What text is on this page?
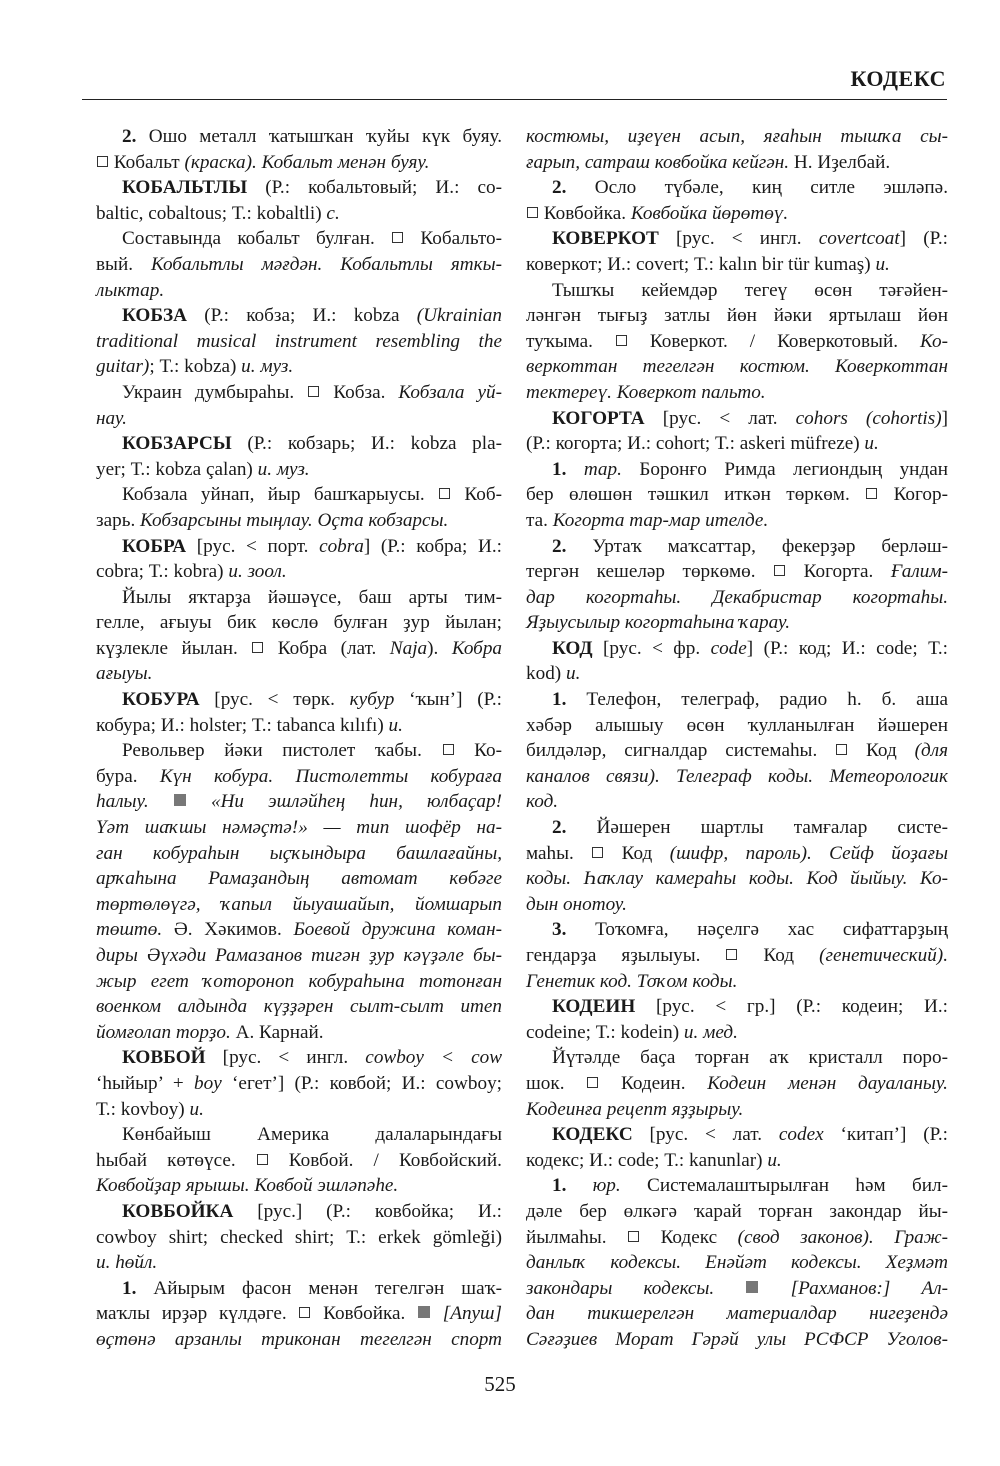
КОДЕКС
2. Ошо металл ҡатышҡан ҡуйы күк буяу.
Кобальт (краска). Кобальт менән буяу.
КОБАЛЬТЛЫ (Р.: кобальтовый; И.: co-
baltic, cobaltous; Т.: kobaltli) с.
Составында кобальт булған.  Кобальто-
вый. Кобальтлы мәғдән. Кобальтлы яткы-
лыктар.
КОБЗА (Р.: кобза; И.: kobza (Ukrainian
traditional musical instrument resembling the
guitar); Т.: kobza) и. муз.
Украин думбыраһы.  Кобза. Кобзала уй-
нау.
КОБЗАРСЫ (Р.: кобзарь; И.: kobza pla-
yer; Т.: kobza çalan) и. муз.
Кобзала уйнап, йыр башҡарыусы.  Коб-
зарь. Кобзарсыны тыңлау. Оҫта кобзарсы.
КОБРА [рус. < порт. cobra] (Р.: кобра; И.:
cobra; Т.: kobra) и. зоол.
Йылы яҡтарҙа йәшәүсе, баш арты тим-
гелле, ағыуы бик көслө булған ҙур йылан;
күҙлекле йылан.  Кобра (лат. Naja). Кобра
ағыуы.
КОБУРА [рус. < төрк. кубур ‘ҡын’] (Р.:
кобура; И.: holster; Т.: tabanca kılıfı) и.
Револьвер йәки пистолет ҡабы.  Ко-
бура. Күн кобура. Пистолетты кобураға
һалыу.	«Ни эшләйһең һин, юлбаҫар!
Үәт шаҡшы нәмәҫтә!» — тип шофёр на-
ган кобураһын ыҫҡындыра башлағайны,
арҡаһына Рамаҙандың автомат көбәге
төртөлөүгә, ҡапыл йыуашайып, йомшарып
төштө. Ә. Хәкимов. Боевой дружина коман-
диры Әүхәди Рамазанов тигән ҙур кәүҙәле бы-
жыр егет ҡотороноп кобураһына тотонған
военком алдында күҙҙәрен сылт-сылт итеп
йомғолап торҙо. А. Карнай.
КОВБОЙ [рус. < ингл. cowboy < cow
‘һыйыр’ + boy ‘егет’] (Р.: ковбой; И.: cowboy;
Т.: kovboy) и.
Көнбайыш Америка далаларындағы
һыбай көтөүсе.  Ковбой. / Ковбойский.
Ковбойҙар ярышы. Ковбой эшләпәһе.
КОВБОЙКА [рус.] (Р.: ковбойка; И.:
cowboy shirt; checked shirt; Т.: erkek gömleği)
и. һөйл.
1. Айырым фасон менән тегелгән шаҡ-
маҡлы ирҙәр күлдәге.  Ковбойка.  [Апуш]
өҫтөнә арзанлы триконан тегелгән спорт
костюмы, иҙеүен асып, яғаһын тышҡа сы-
ғарып, сатраш ковбойка кейгән. Н. Иҙелбай.
2. Осло түбәле, киң ситле эшләпә.
Ковбойка. Ковбойка йөрөтөү.
КОВЕРКОТ [рус. < ингл. covertcoat] (Р.:
коверкот; И.: covert; Т.: kalın bir tür kumaş) и.
Тышҡы кейемдәр тегеү өсөн тәғәйен-
ләнгән тығыҙ затлы йөн йәки яртылаш йөн
туҡыма.  Коверкот. / Коверкотовый. Ко-
веркоттан тегелгән костюм. Коверкоттан
тектереү. Коверкот пальто.
КОГОРТА [рус. < лат. cohors (cohortis)]
(Р.: когорта; И.: cohort; Т.: askeri müfreze) и.
1. тар. Боронғо Римда легиондың ундан
бер өлөшөн тәшкил иткән төркөм.  Когор-
та. Когорта тар-мар ителде.
2. Уртаҡ маҡсаттар, фекерҙәр берләш-
тергән кешеләр төркөмө.  Когорта. Ғалим-
дар когортаһы. Декабристар когортаһы.
Яҙыусылыр когортаһына ҡарау.
КОД [рус. < фр. code] (Р.: код; И.: code; Т.:
kod) и.
1. Телефон, телеграф, радио һ. б. аша
хәбәр алышыу өсөн ҡулланылған йәшерен
билдәләр, сигналдар системаһы.  Код (для
каналов связи). Телеграф коды. Метеорологик
код.
2. Йәшерен шартлы тамғалар систе-
маһы.  Код (шифр, пароль). Сейф йоҙағы
коды. Һаҡлау камераһы коды. Код йыйыу. Ко-
дын онотоу.
3. Тоҡомға, нәҫелгә хас сифаттарҙың
гендарҙа яҙылыуы.  Код (генетический).
Генетик код. Тоҡом коды.
КОДЕИН [рус. < гр.] (Р.: кодеин; И.:
codeine; Т.: kodein) и. мед.
Йүтәлде баҫа торған аҡ кристалл поро-
шок.  Кодеин. Кодеин менән дауаланыу.
Кодеинға рецепт яҙҙырыу.
КОДЕКС [рус. < лат. codex ‘китап’] (Р.:
кодекс; И.: code; Т.: kanunlar) и.
1. юр. Системалаштырылған һәм бил-
дәле бер өлкәгә ҡарай торған закондар йы-
йылмаһы.  Кодекс (свод законов). Граж-
данлыҡ кодексы. Енәйәт кодексы. Хеҙмәт
закондары кодексы.	[Рахманов:] Ал-
дан тикшерелгән материалдар нигеҙендә
Сәғәҙиев Морат Гәрәй улы РСФСР Уголов-
525
